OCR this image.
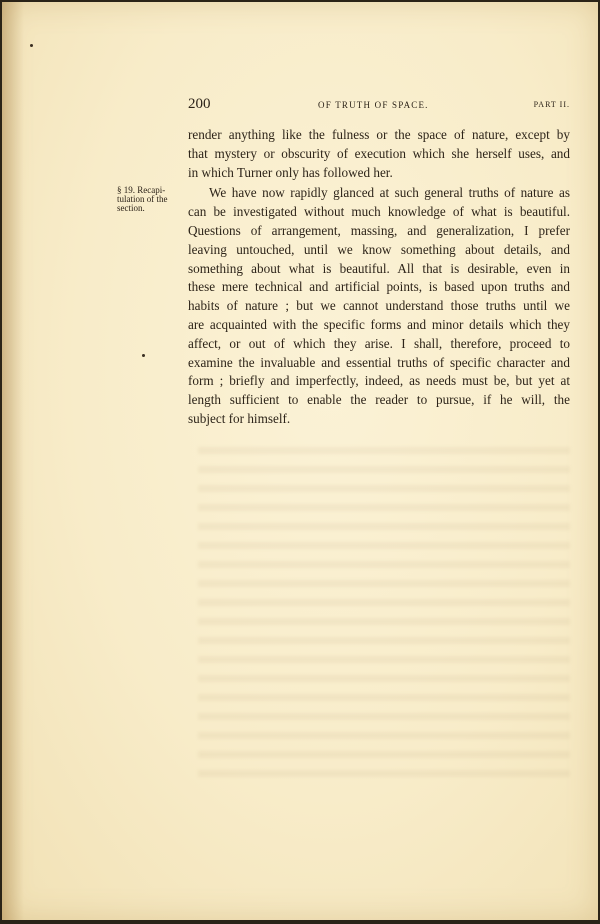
200	OF TRUTH OF SPACE.	PART II.
§ 19. Recapi-
tulation of the
section.
render anything like the fulness or the space of nature, except by
that mystery or obscurity of execution which she herself uses, and
in which Turner only has followed her.
We have now rapidly glanced at such general truths of nature as
can be investigated without much knowledge of what is beautiful.
Questions of arrangement, massing, and generalization, I prefer
leaving untouched, until we know something about details, and
something about what is beautiful. All that is desirable, even in
these mere technical and artificial points, is based upon truths and
habits of nature ; but we cannot understand those truths until we
are acquainted with the specific forms and minor details which they
affect, or out of which they arise. I shall, therefore, proceed to
examine the invaluable and essential truths of specific character and
form ; briefly and imperfectly, indeed, as needs must be, but yet at
length sufficient to enable the reader to pursue, if he will, the
subject for himself.
